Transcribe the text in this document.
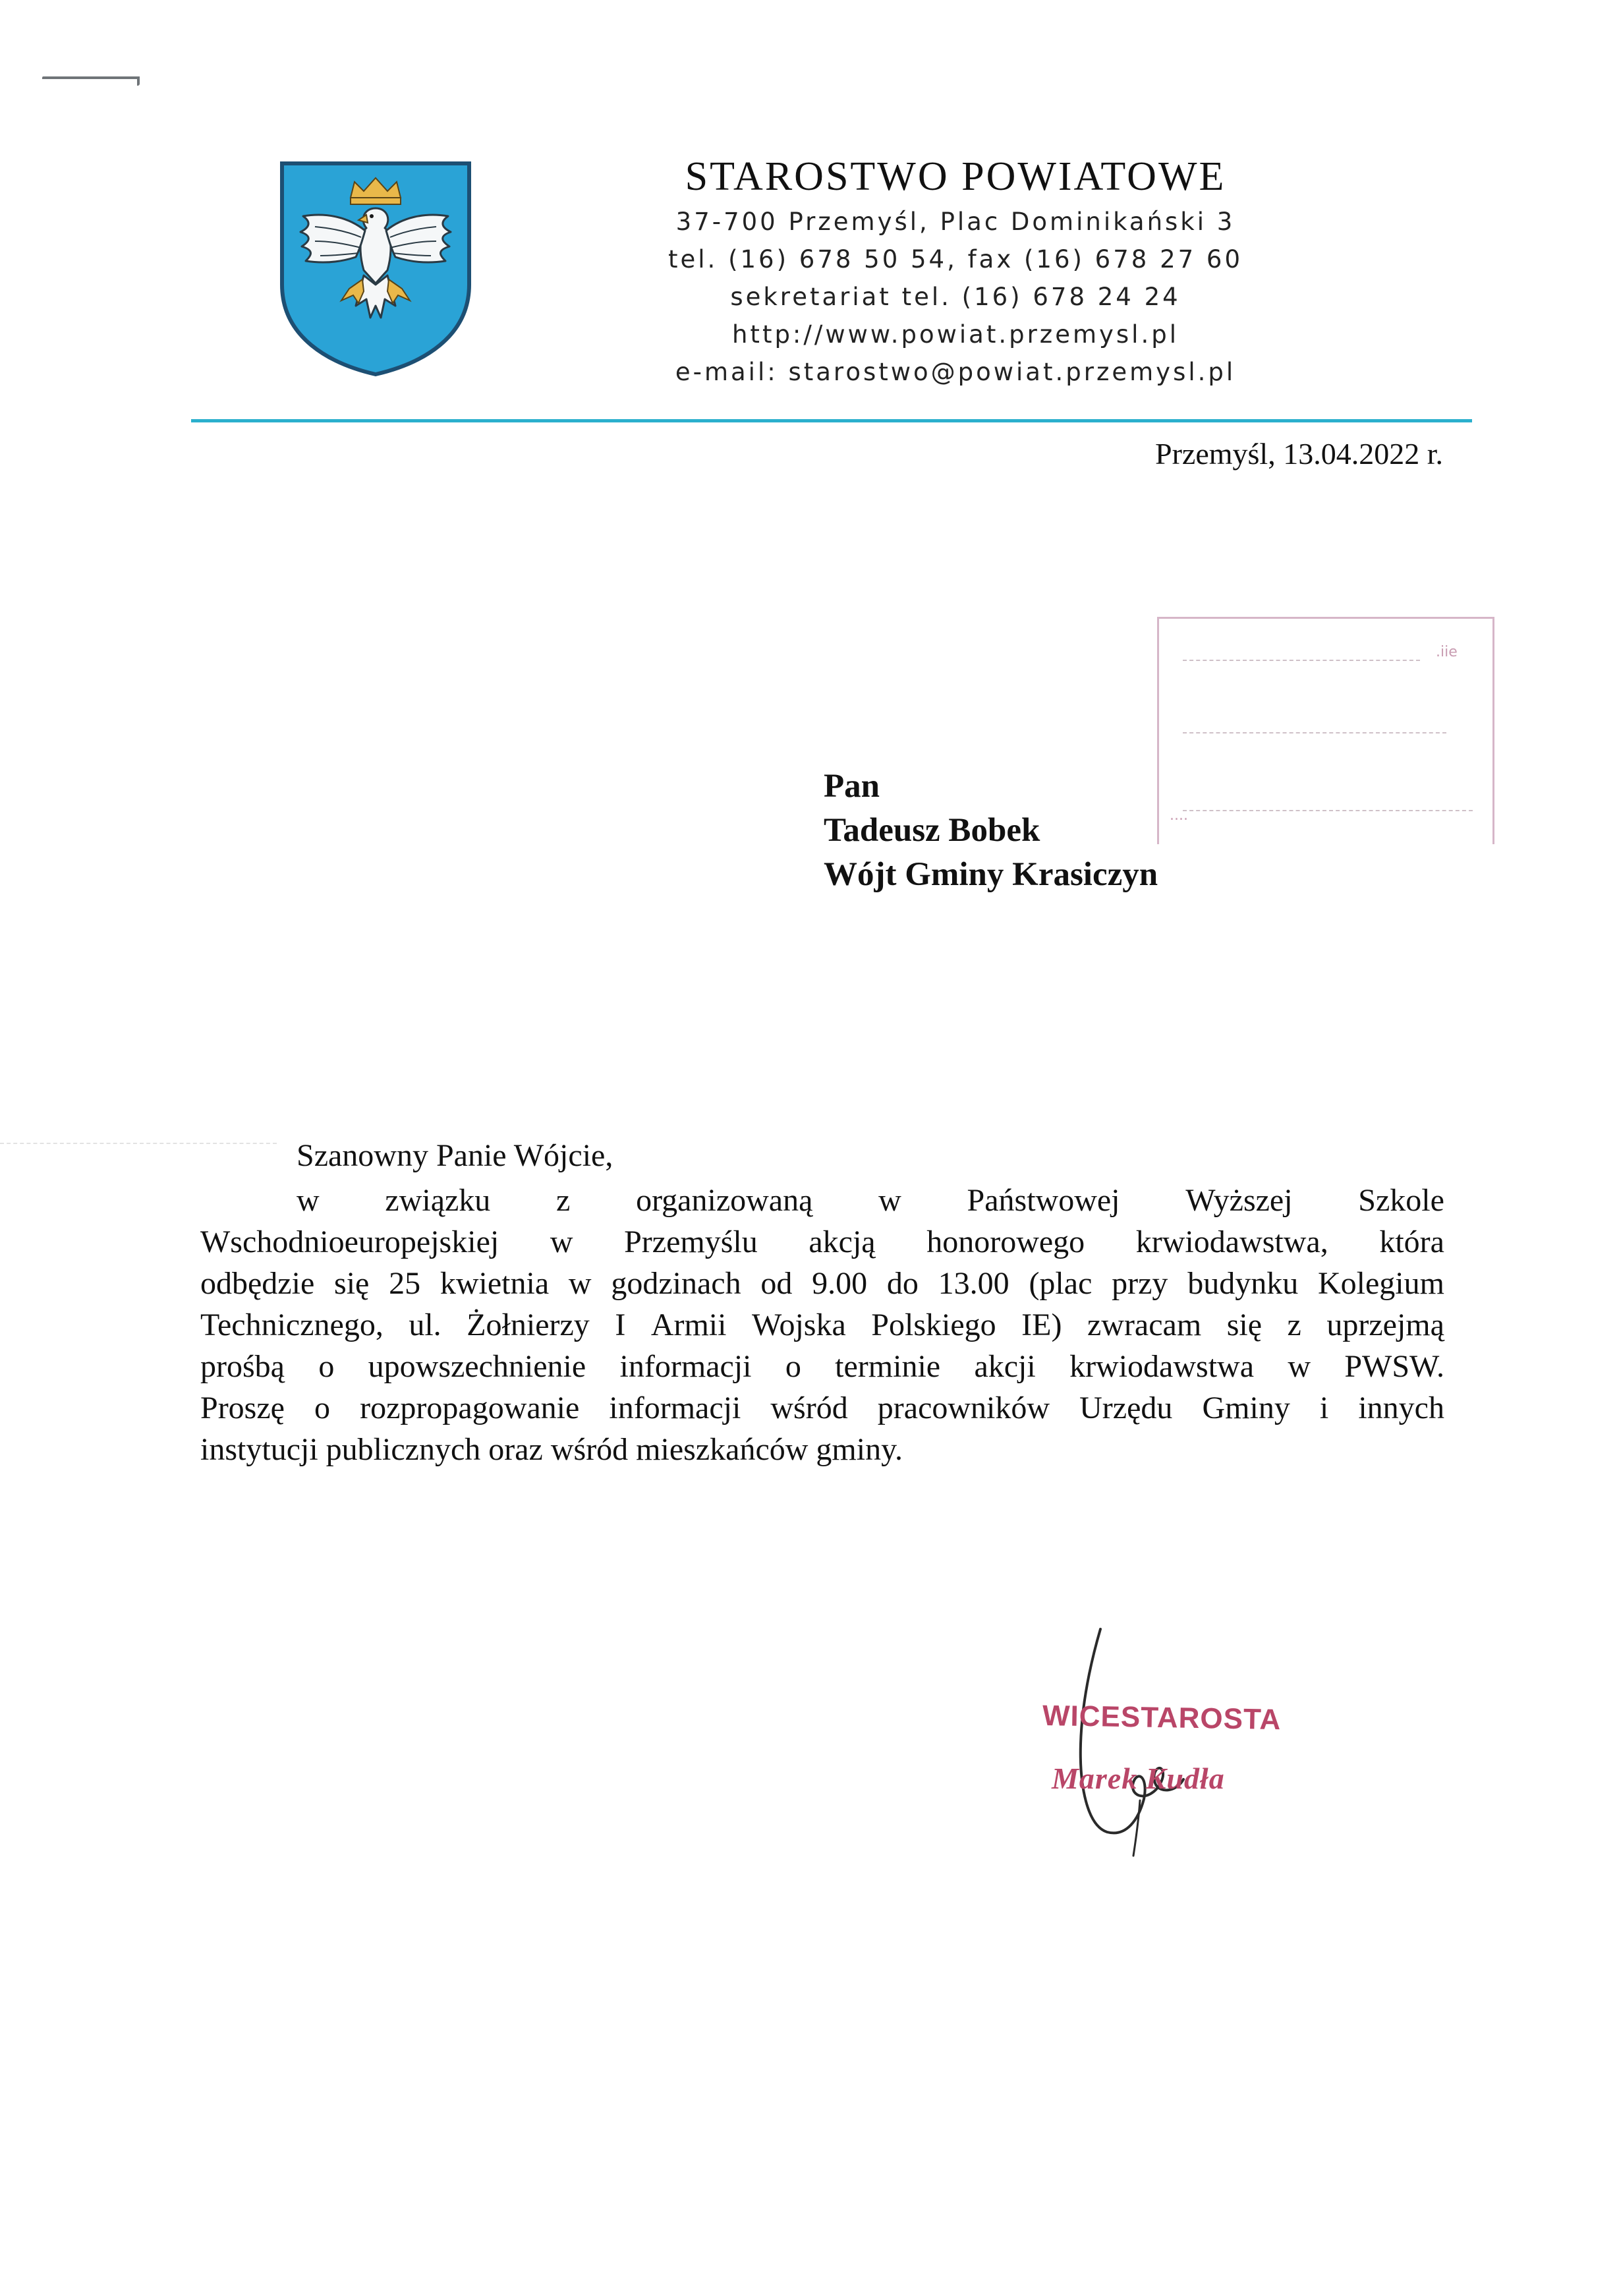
STAROSTWO POWIATOWE
37-700 Przemyśl, Plac Dominikański 3
tel. (16) 678 50 54, fax (16) 678 27 60
sekretariat tel. (16) 678 24 24
http://www.powiat.przemysl.pl
e-mail: starostwo@powiat.przemysl.pl
Przemyśl, 13.04.2022 r.
.iie
....
Pan
Tadeusz Bobek
Wójt Gminy Krasiczyn
Szanowny Panie Wójcie,
w związku z organizowaną w Państwowej Wyższej Szkole
Wschodnioeuropejskiej w Przemyślu akcją honorowego krwiodawstwa, która
odbędzie się 25 kwietnia w godzinach od 9.00 do 13.00 (plac przy budynku Kolegium
Technicznego, ul. Żołnierzy I Armii Wojska Polskiego IE) zwracam się z uprzejmą
prośbą o upowszechnienie informacji o terminie akcji krwiodawstwa w PWSW.
Proszę o rozpropagowanie informacji wśród pracowników Urzędu Gminy i innych
instytucji publicznych oraz wśród mieszkańców gminy.
WICESTAROSTA
Marek Kudła
